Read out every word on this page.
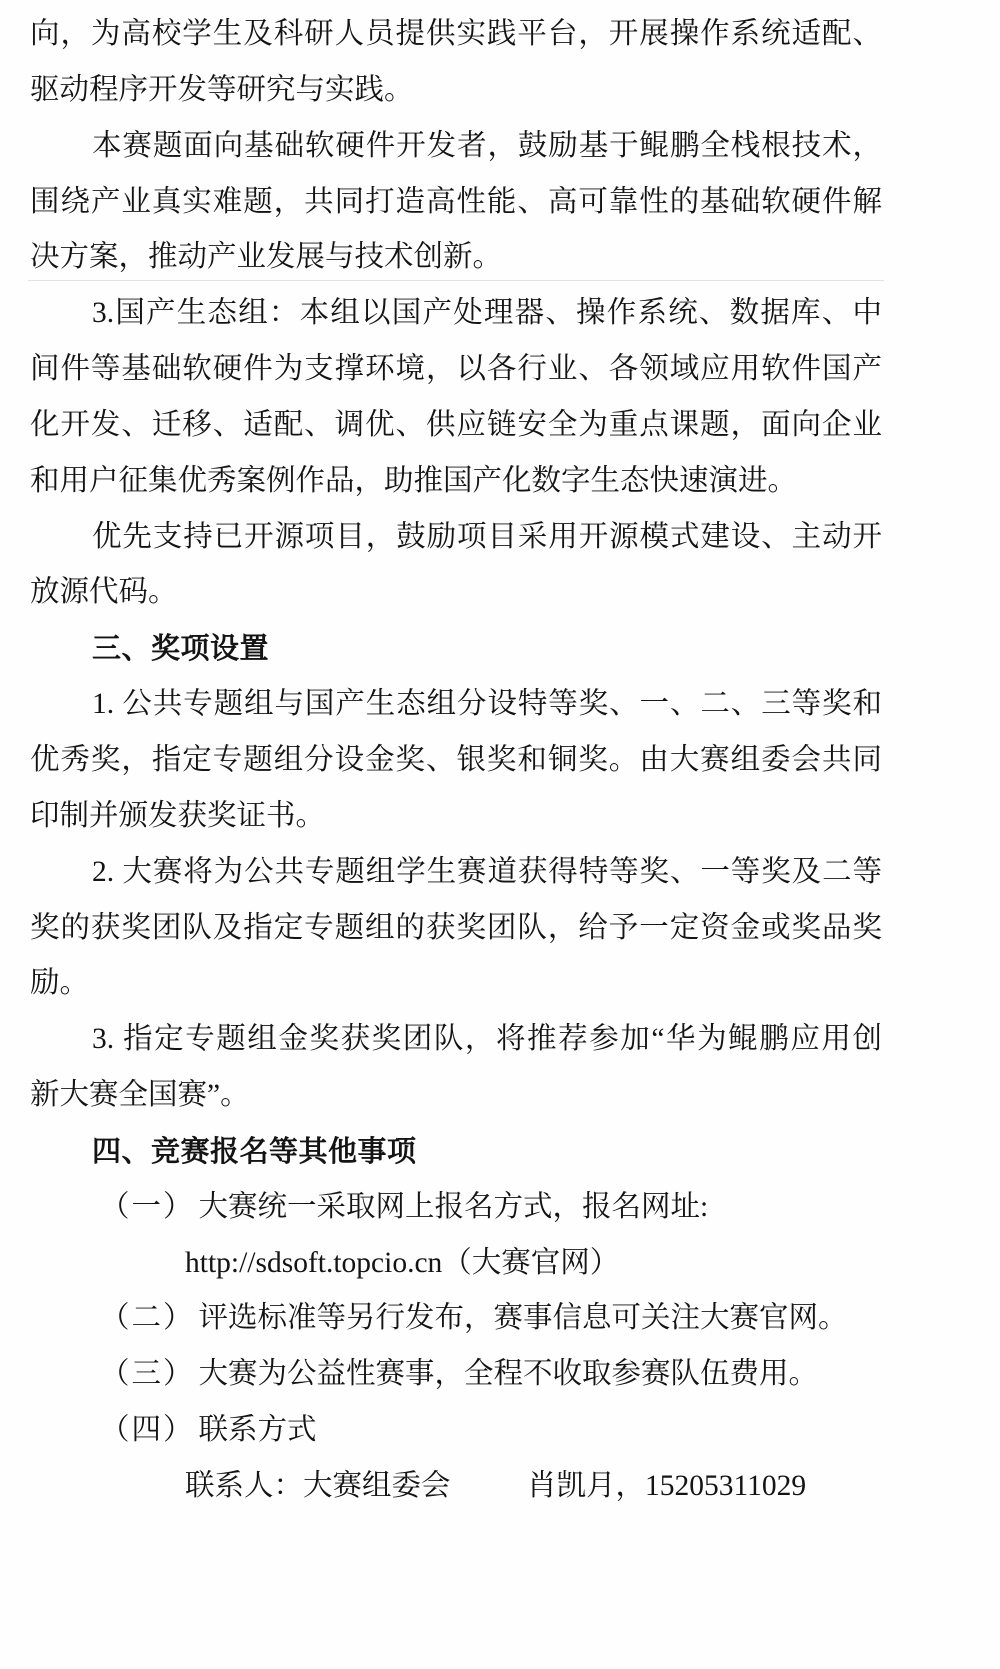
向，为高校学生及科研人员提供实践平台，开展操作系统适配、
驱动程序开发等研究与实践。
本赛题面向基础软硬件开发者，鼓励基于鲲鹏全栈根技术，
围绕产业真实难题，共同打造高性能、高可靠性的基础软硬件解
决方案，推动产业发展与技术创新。
3.国产生态组：本组以国产处理器、操作系统、数据库、中
间件等基础软硬件为支撑环境，以各行业、各领域应用软件国产
化开发、迁移、适配、调优、供应链安全为重点课题，面向企业
和用户征集优秀案例作品，助推国产化数字生态快速演进。
优先支持已开源项目，鼓励项目采用开源模式建设、主动开
放源代码。
三、奖项设置
1. 公共专题组与国产生态组分设特等奖、一、二、三等奖和
优秀奖，指定专题组分设金奖、银奖和铜奖。由大赛组委会共同
印制并颁发获奖证书。
2. 大赛将为公共专题组学生赛道获得特等奖、一等奖及二等
奖的获奖团队及指定专题组的获奖团队，给予一定资金或奖品奖
励。
3. 指定专题组金奖获奖团队，将推荐参加“华为鲲鹏应用创
新大赛全国赛”。
四、竞赛报名等其他事项
（一） 大赛统一采取网上报名方式，报名网址:
http://sdsoft.topcio.cn（大赛官网）
（二） 评选标准等另行发布，赛事信息可关注大赛官网。
（三） 大赛为公益性赛事，全程不收取参赛队伍费用。
（四） 联系方式
联系人：大赛组委会	肖凯月，15205311029
